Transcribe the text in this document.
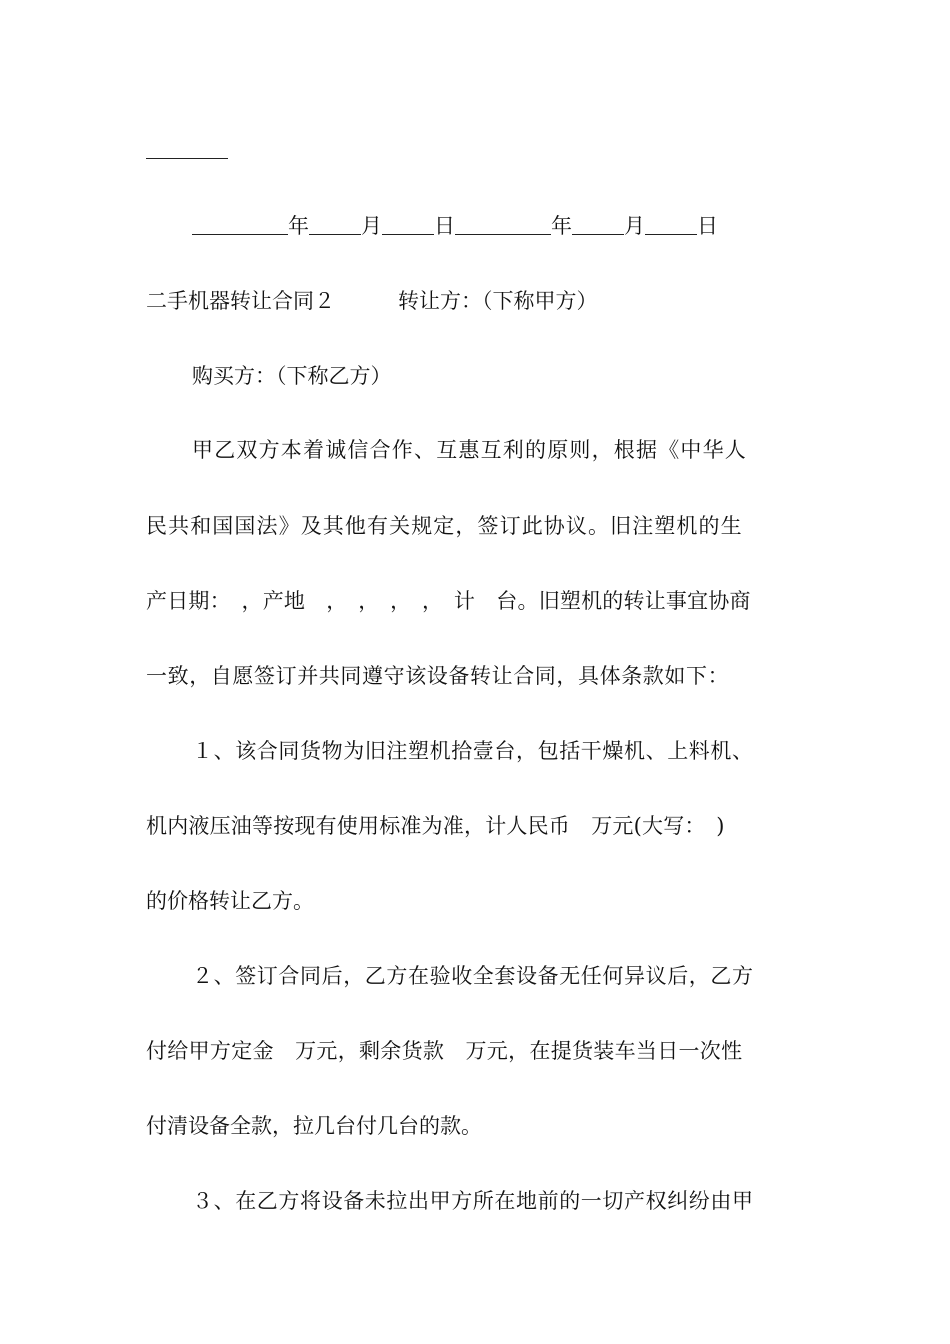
年 月 日	年 月 日
二手机器转让合同２　　　转让方：（下称甲方）
购买方：（下称乙方）
甲乙双方本着诚信合作、互惠互利的原则，根据《中华人
民共和国国法》及其他有关规定，签订此协议。旧注塑机的生
产日期：　，产地　，　，　，　，　计　台。旧塑机的转让事宜协商
一致，自愿签订并共同遵守该设备转让合同，具体条款如下：
１、该合同货物为旧注塑机拾壹台，包括干燥机、上料机、
机内液压油等按现有使用标准为准，计人民币　万元(大写：　)
的价格转让乙方。
２、签订合同后，乙方在验收全套设备无任何异议后，乙方
付给甲方定金　万元，剩余货款　万元，在提货装车当日一次性
付清设备全款，拉几台付几台的款。
３、在乙方将设备未拉出甲方所在地前的一切产权纠纷由甲
